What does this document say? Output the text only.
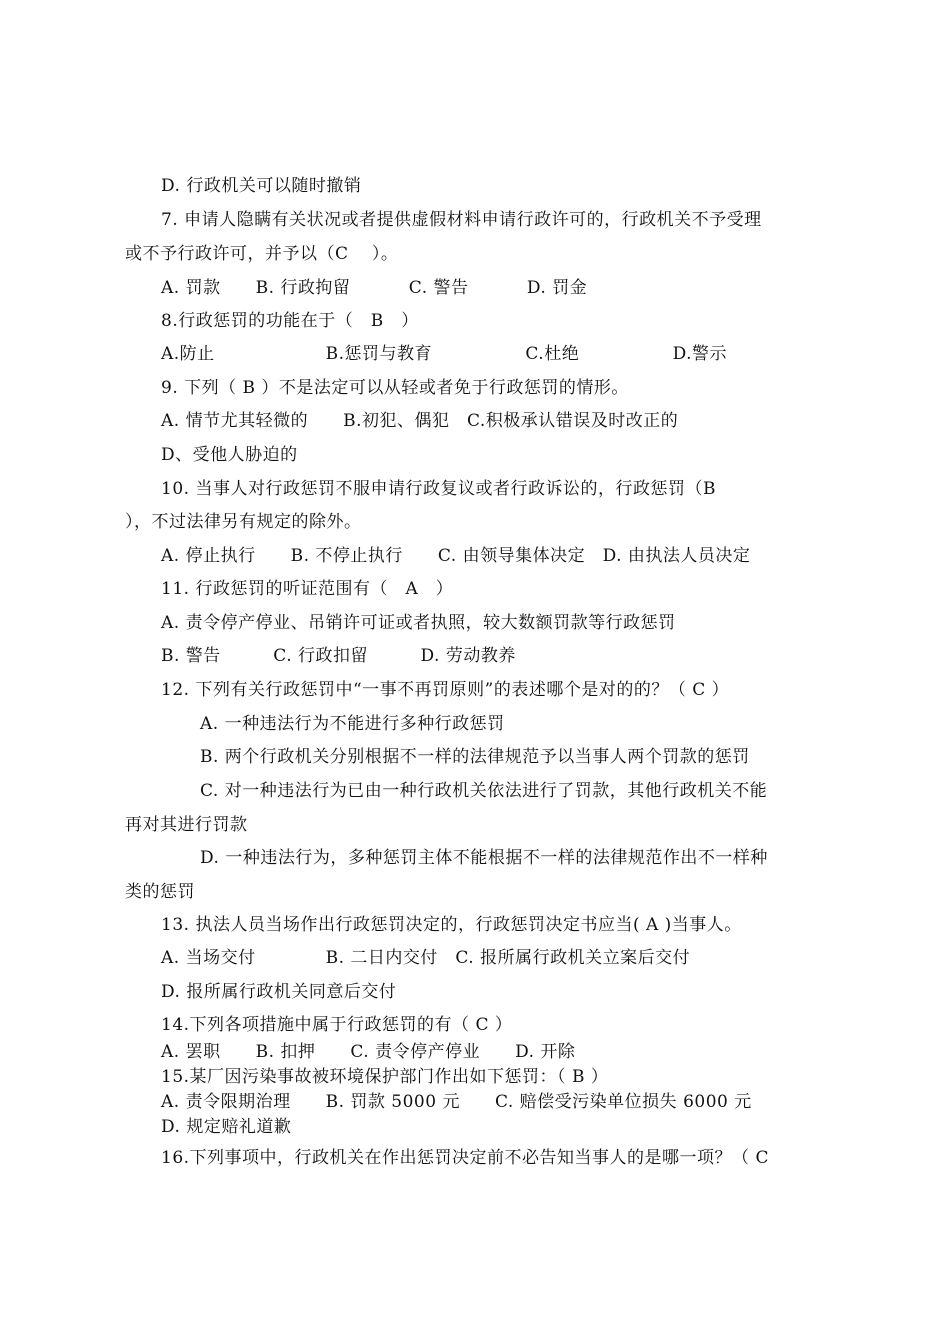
D. 行政机关可以随时撤销
7. 申请人隐瞒有关状况或者提供虚假材料申请行政许可的，行政机关不予受理
或不予行政许可，并予以（C　 ）。
A. 罚款　　B. 行政拘留　　　 C. 警告　　　 D. 罚金
8.行政惩罚的功能在于（　B　）
A.防止　　　　　　 B.惩罚与教育　　　　　 C.杜绝　　　　　 D.警示
9. 下列（ B ）不是法定可以从轻或者免于行政惩罚的情形。
A. 情节尤其轻微的　　B.初犯、偶犯　C.积极承认错误及时改正的
D、受他人胁迫的
10. 当事人对行政惩罚不服申请行政复议或者行政诉讼的，行政惩罚（B
），不过法律另有规定的除外。
A. 停止执行　　B. 不停止执行　　C. 由领导集体决定　D. 由执法人员决定
11. 行政惩罚的听证范围有（　A　）
A. 责令停产停业、吊销许可证或者执照，较大数额罚款等行政惩罚
B. 警告　　　C. 行政扣留　　　D. 劳动教养
12. 下列有关行政惩罚中“一事不再罚原则”的表述哪个是对的的？（ C ）
A. 一种违法行为不能进行多种行政惩罚
B. 两个行政机关分别根据不一样的法律规范予以当事人两个罚款的惩罚
C. 对一种违法行为已由一种行政机关依法进行了罚款，其他行政机关不能
再对其进行罚款
D. 一种违法行为，多种惩罚主体不能根据不一样的法律规范作出不一样种
类的惩罚
13. 执法人员当场作出行政惩罚决定的，行政惩罚决定书应当( A )当事人。
A. 当场交付　　　　B. 二日内交付　C. 报所属行政机关立案后交付
D. 报所属行政机关同意后交付
14.下列各项措施中属于行政惩罚的有（ C ）
A. 罢职　　B. 扣押　　C. 责令停产停业　　D. 开除
15.某厂因污染事故被环境保护部门作出如下惩罚：（ B ）
A. 责令限期治理　　B. 罚款 5000 元　　C. 赔偿受污染单位损失 6000 元
D. 规定赔礼道歉
16.下列事项中，行政机关在作出惩罚决定前不必告知当事人的是哪一项？（ C
